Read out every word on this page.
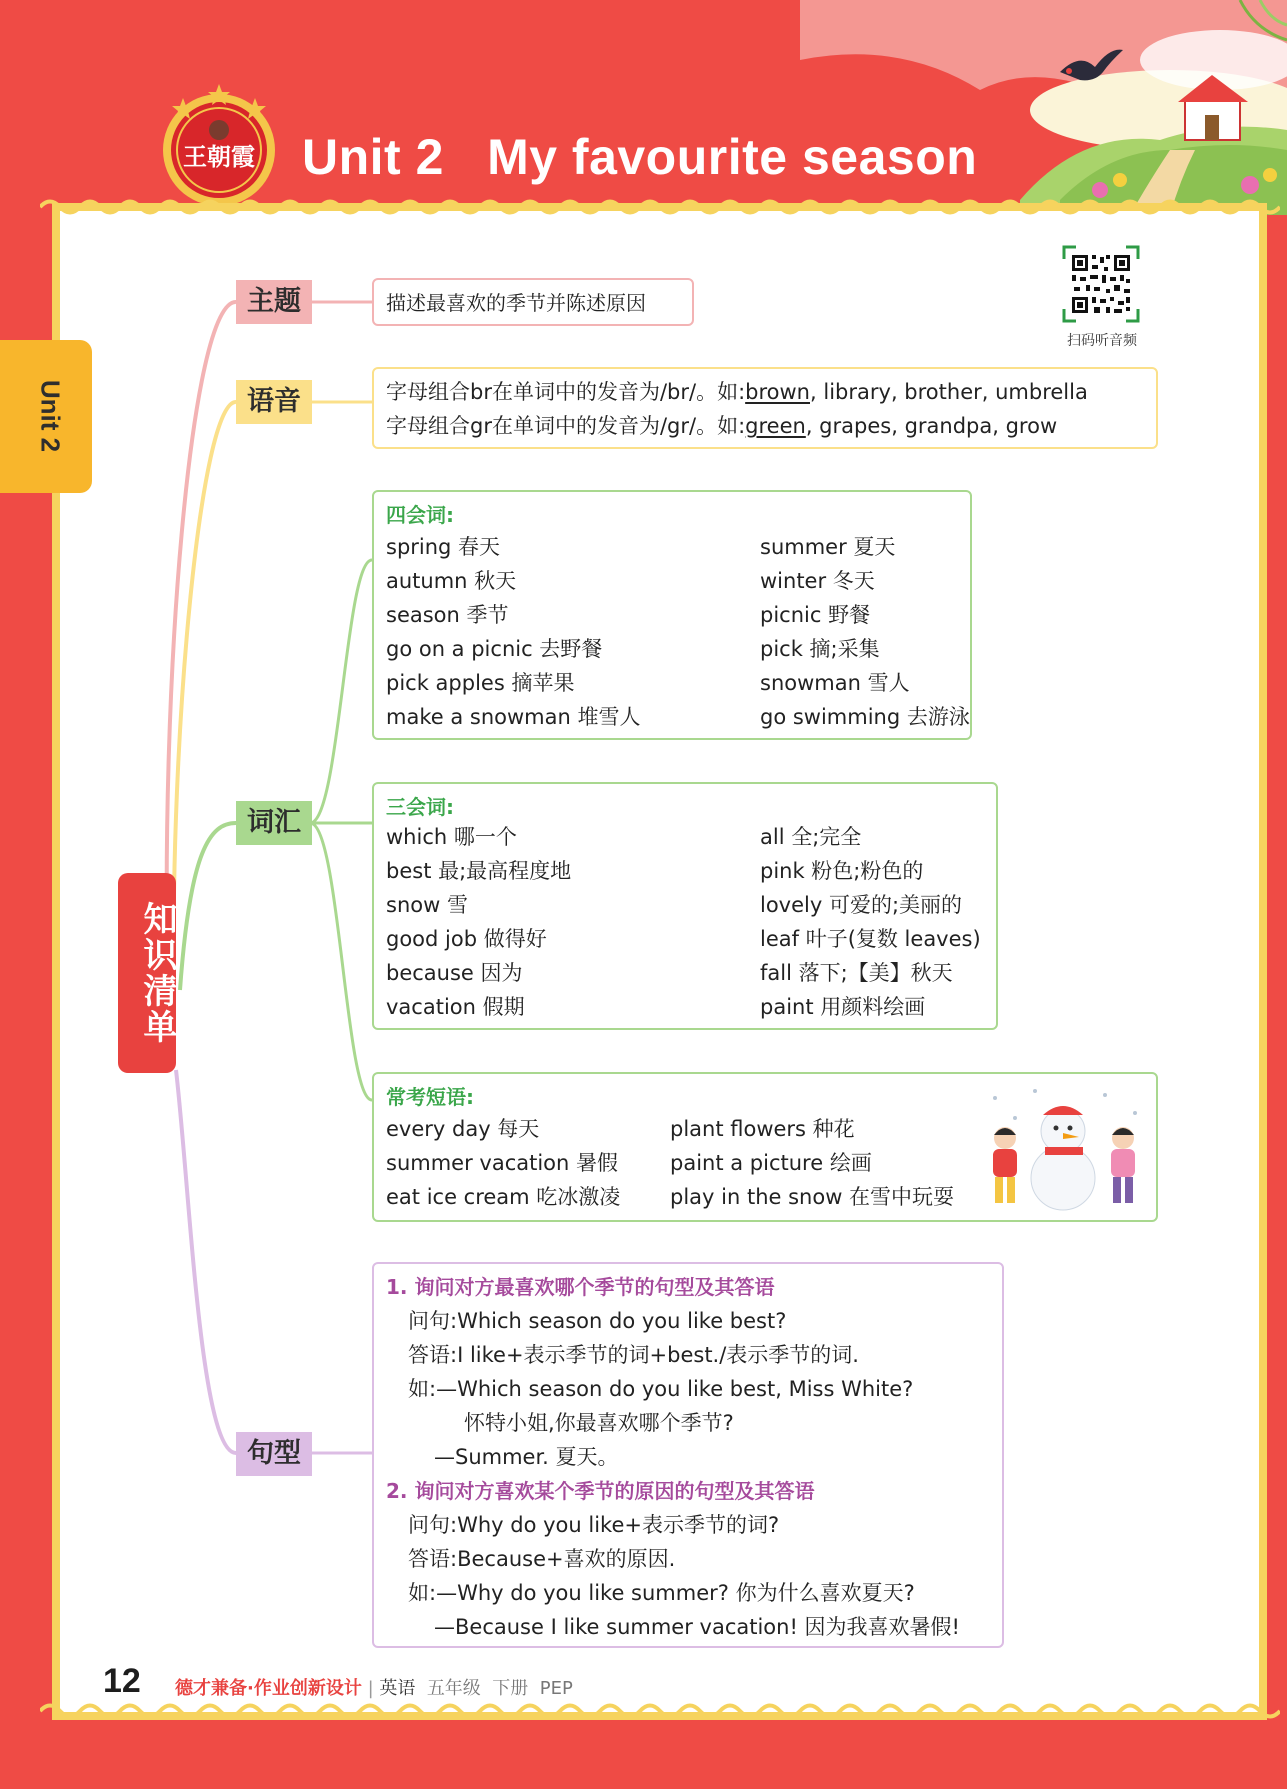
王朝霞 Unit 2   My favourite season
Unit 2
扫码听音频
知识清单
主题	描述最喜欢的季节并陈述原因
语音	字母组合br在单词中的发音为/br/。如:brown, library, brother, umbrella
字母组合gr在单词中的发音为/gr/。如:green, grapes, grandpa, grow
词汇
四会词:
spring 春天
autumn 秋天
season 季节
go on a picnic 去野餐
pick apples 摘苹果
make a snowman 堆雪人
summer 夏天
winter 冬天
picnic 野餐
pick 摘;采集
snowman 雪人
go swimming 去游泳
三会词:
which 哪一个
best 最;最高程度地
snow 雪
good job 做得好
because 因为
vacation 假期
all 全;完全
pink 粉色;粉色的
lovely 可爱的;美丽的
leaf 叶子(复数 leaves)
fall 落下;【美】秋天
paint 用颜料绘画
常考短语:
every day 每天
summer vacation 暑假
eat ice cream 吃冰激凌
plant flowers 种花
paint a picture 绘画
play in the snow 在雪中玩耍
句型
1. 询问对方最喜欢哪个季节的句型及其答语
问句:Which season do you like best?
答语:I like+表示季节的词+best./表示季节的词.
如:—Which season do you like best, Miss White?
怀特小姐,你最喜欢哪个季节?
—Summer. 夏天。
2. 询问对方喜欢某个季节的原因的句型及其答语
问句:Why do you like+表示季节的词?
答语:Because+喜欢的原因.
如:—Why do you like summer? 你为什么喜欢夏天?
—Because I like summer vacation! 因为我喜欢暑假!
12 德才兼备·作业创新设计 | 英语 五年级 下册 PEP
